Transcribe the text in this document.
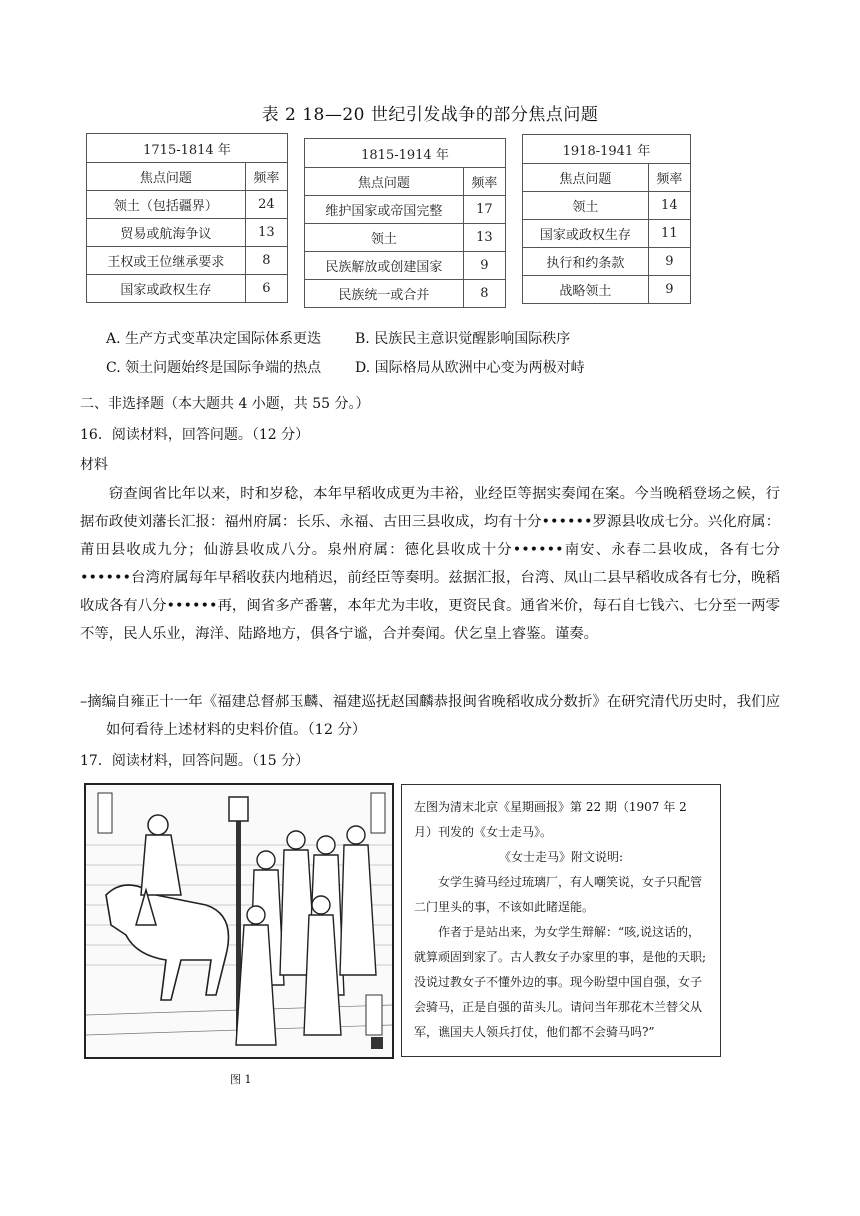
表 2 18—20 世纪引发战争的部分焦点问题
1715-1814 年	
焦点问题	频率
领土（包括疆界）	24
贸易或航海争议	13
王权或王位继承要求	8
国家或政权生存	6
1815-1914 年	
焦点问题	频率
维护国家或帝国完整	17
领土	13
民族解放或创建国家	9
民族统一或合并	8
1918-1941 年	
焦点问题	频率
领土	14
国家或政权生存	11
执行和约条款	9
战略领土	9
A. 生产方式变革决定国际体系更迭 B. 民族民主意识觉醒影响国际秩序
C. 领土问题始终是国际争端的热点 D. 国际格局从欧洲中心变为两极对峙
二、非选择题（本大题共 4 小题，共 55 分。）
16．阅读材料，回答问题。（12 分）
材料

窃查闽省比年以来，时和岁稔，本年早稻收成更为丰裕，业经臣等据实奏闻在案。今当晚稻登场之候，行据布政使刘藩长汇报：福州府属：长乐、永福、古田三县收成，均有十分••••••罗源县收成七分。兴化府属：莆田县收成九分；仙游县收成八分。泉州府属：德化县收成十分••••••南安、永春二县收成，各有七分••••••台湾府属每年早稻收获内地稍迟，前经臣等奏明。兹据汇报，台湾、凤山二县早稻收成各有七分，晚稻收成各有八分••••••再，闽省多产番薯，本年尤为丰收，更资民食。通省米价，每石自七钱六、七分至一两零不等，民人乐业，海洋、陆路地方，俱各宁谧，合并奏闻。伏乞皇上睿鉴。谨奏。

–摘编自雍正十一年《福建总督郝玉麟、福建巡抚赵国麟恭报闽省晚稻收成分数折》在研究清代历史时，我们应如何看待上述材料的史料价值。（12 分）

17．阅读材料，回答问题。（15 分）

左图为清末北京《星期画报》第 22 期（1907 年 2 月）刊发的《女士走马》。

《女士走马》附文说明:

女学生骑马经过琉璃厂，有人嘲笑说，女子只配管二门里头的事，不该如此睹逞能。

作者于是站出来，为女学生辩解：“咳,说这话的，就算顽固到家了。古人教女子办家里的事，是他的天职;没说过教女子不懂外边的事。现今盼望中国自强，女子会骑马，正是自强的苗头儿。请问当年那花木兰替父从军，谯国夫人领兵打仗，他们都不会骑马吗?”

图 1
